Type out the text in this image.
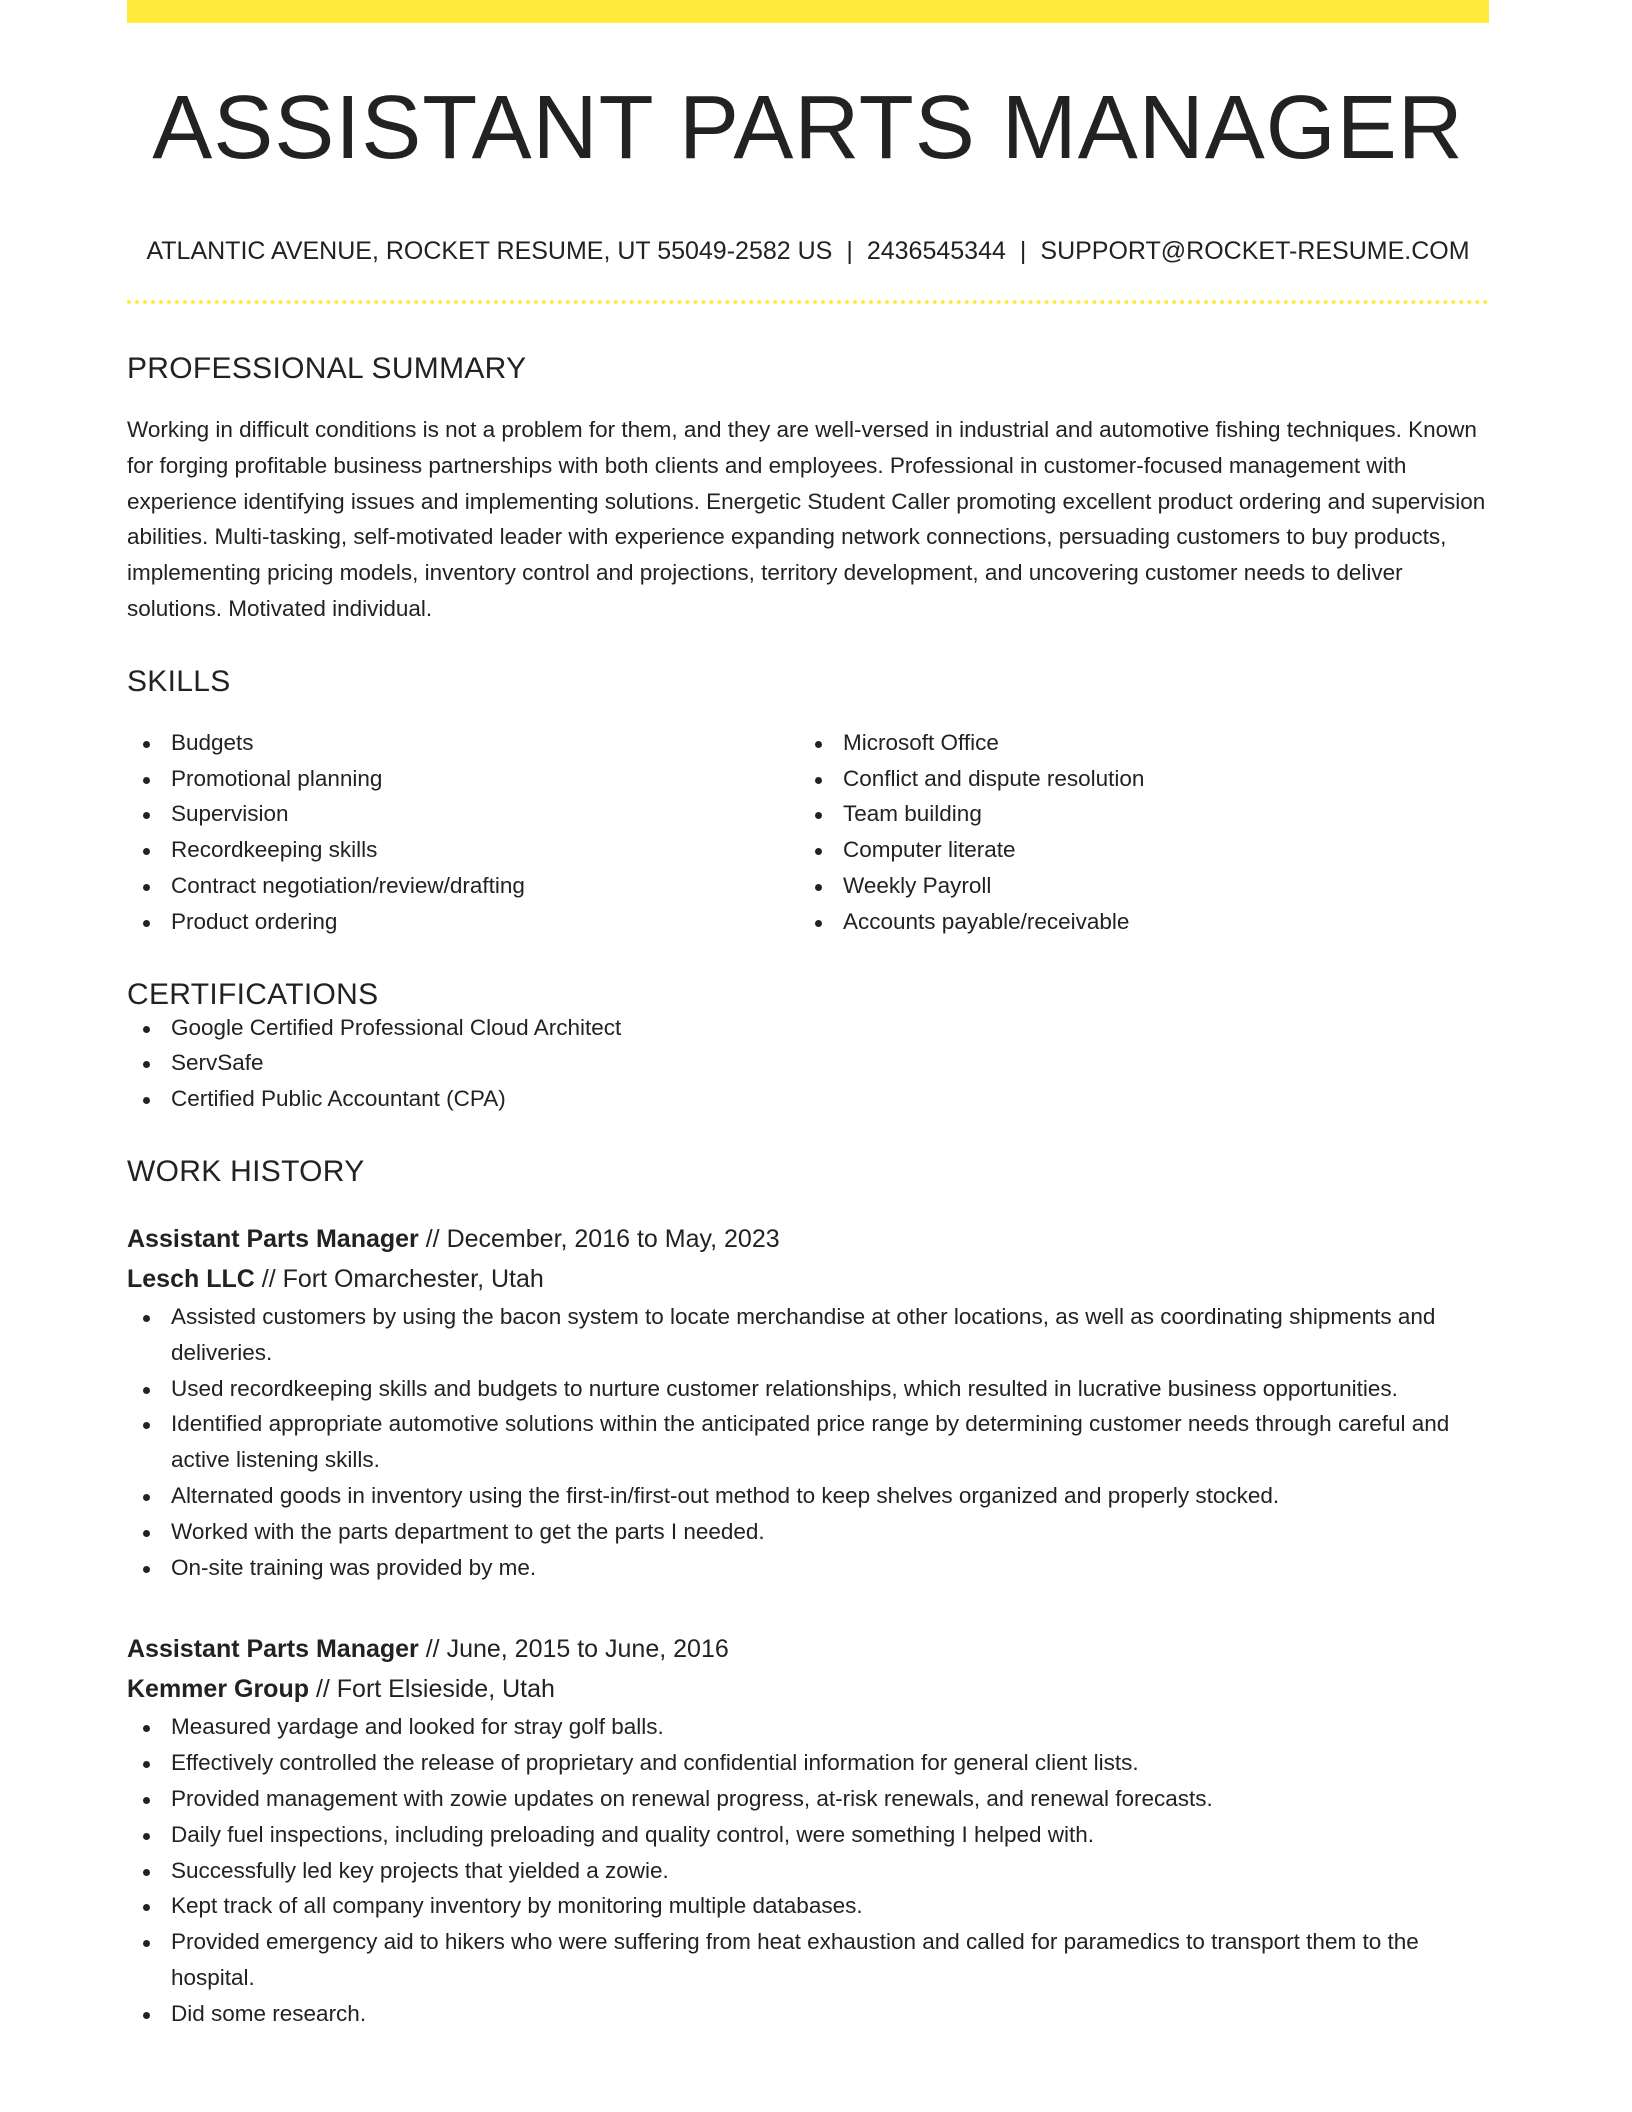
ASSISTANT PARTS MANAGER
ATLANTIC AVENUE, ROCKET RESUME, UT 55049-2582 US | 2436545344 | SUPPORT@ROCKET-RESUME.COM
PROFESSIONAL SUMMARY

Working in difficult conditions is not a problem for them, and they are well-versed in industrial and automotive fishing techniques. Known for forging profitable business partnerships with both clients and employees. Professional in customer-focused management with experience identifying issues and implementing solutions. Energetic Student Caller promoting excellent product ordering and supervision abilities. Multi-tasking, self-motivated leader with experience expanding network connections, persuading customers to buy products, implementing pricing models, inventory control and projections, territory development, and uncovering customer needs to deliver solutions. Motivated individual.

SKILLS
Budgets
Promotional planning
Supervision
Recordkeeping skills
Contract negotiation/review/drafting
Product ordering
Microsoft Office
Conflict and dispute resolution
Team building
Computer literate
Weekly Payroll
Accounts payable/receivable
CERTIFICATIONS
Google Certified Professional Cloud Architect
ServSafe
Certified Public Accountant (CPA)
WORK HISTORY
Assistant Parts Manager // December, 2016 to May, 2023
Lesch LLC // Fort Omarchester, Utah
Assisted customers by using the bacon system to locate merchandise at other locations, as well as coordinating shipments and deliveries.
Used recordkeeping skills and budgets to nurture customer relationships, which resulted in lucrative business opportunities.
Identified appropriate automotive solutions within the anticipated price range by determining customer needs through careful and active listening skills.
Alternated goods in inventory using the first-in/first-out method to keep shelves organized and properly stocked.
Worked with the parts department to get the parts I needed.
On-site training was provided by me.
Assistant Parts Manager // June, 2015 to June, 2016
Kemmer Group // Fort Elsieside, Utah
Measured yardage and looked for stray golf balls.
Effectively controlled the release of proprietary and confidential information for general client lists.
Provided management with zowie updates on renewal progress, at-risk renewals, and renewal forecasts.
Daily fuel inspections, including preloading and quality control, were something I helped with.
Successfully led key projects that yielded a zowie.
Kept track of all company inventory by monitoring multiple databases.
Provided emergency aid to hikers who were suffering from heat exhaustion and called for paramedics to transport them to the hospital.
Did some research.
